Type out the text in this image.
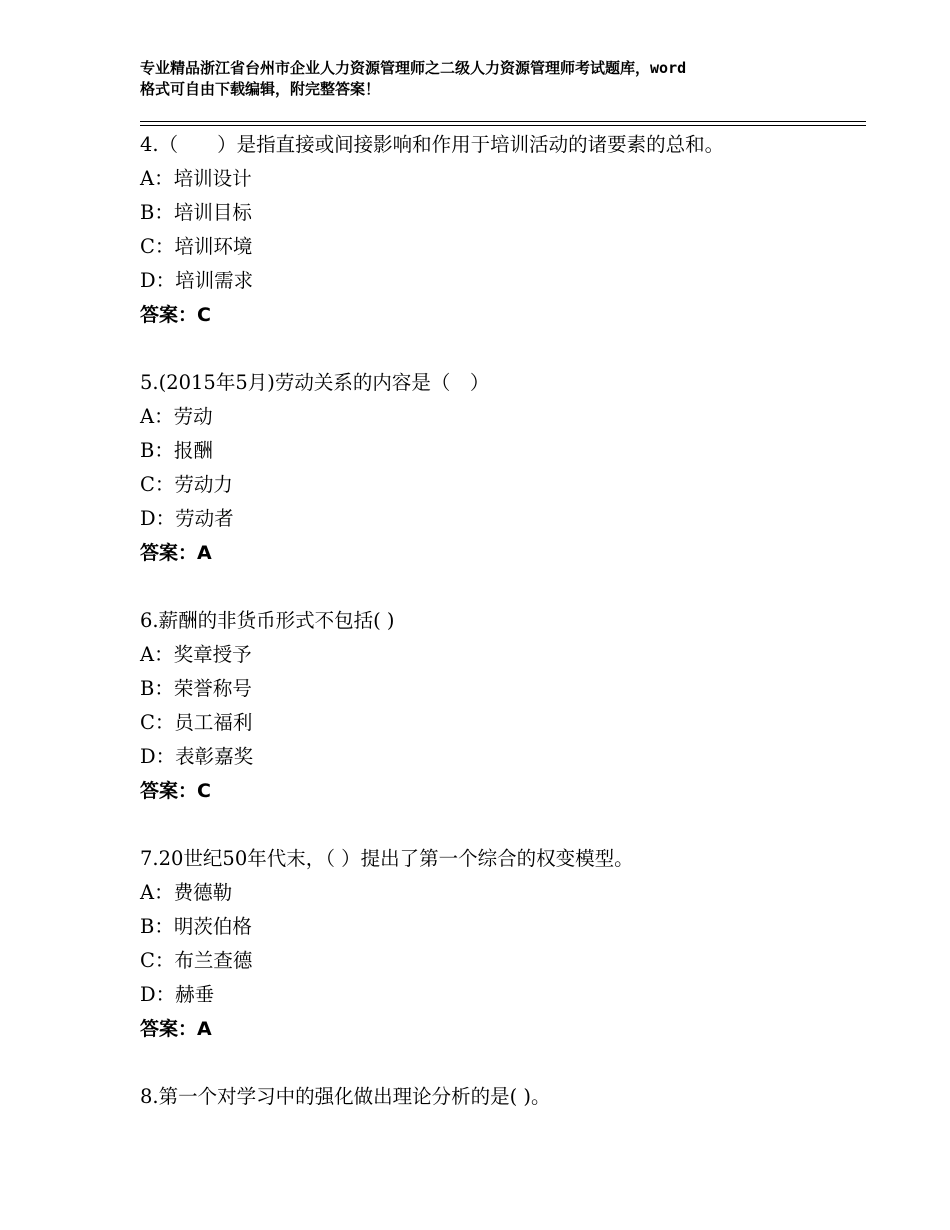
专业精品浙江省台州市企业人力资源管理师之二级人力资源管理师考试题库，word
格式可自由下载编辑，附完整答案！
4.（　　）是指直接或间接影响和作用于培训活动的诸要素的总和。
A：培训设计
B：培训目标
C：培训环境
D：培训需求
答案：C
5.(2015年5月)劳动关系的内容是（　）
A：劳动
B：报酬
C：劳动力
D：劳动者
答案：A
6.薪酬的非货币形式不包括( )
A：奖章授予
B：荣誉称号
C：员工福利
D：表彰嘉奖
答案：C
7.20世纪50年代末，（ ）提出了第一个综合的权变模型。
A：费德勒
B：明茨伯格
C：布兰查德
D：赫垂
答案：A
8.第一个对学习中的强化做出理论分析的是( )。
